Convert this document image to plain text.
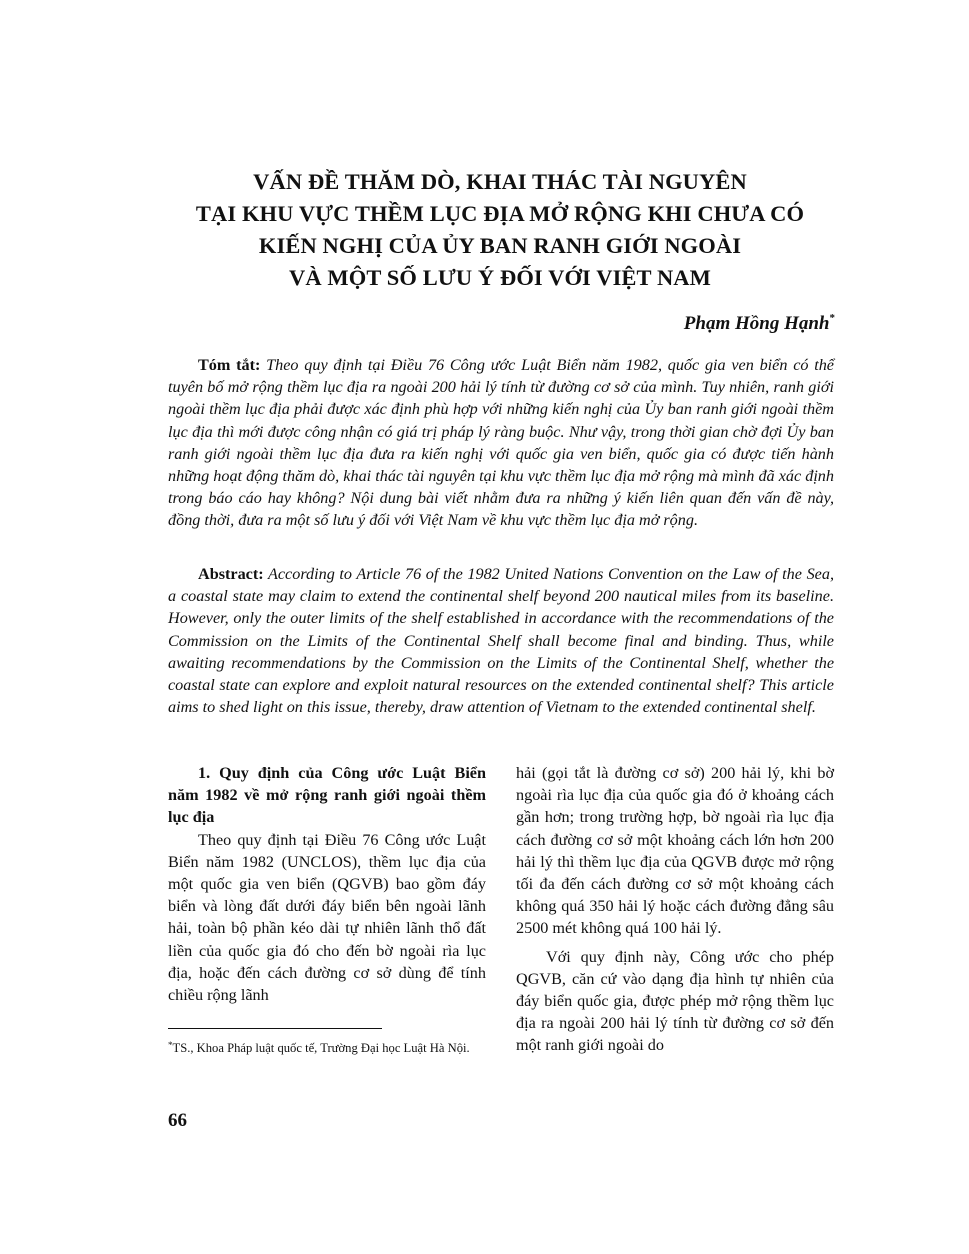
VẤN ĐỀ THĂM DÒ, KHAI THÁC TÀI NGUYÊN
TẠI KHU VỰC THỀM LỤC ĐỊA MỞ RỘNG KHI CHƯA CÓ
KIẾN NGHỊ CỦA ỦY BAN RANH GIỚI NGOÀI
VÀ MỘT SỐ LƯU Ý ĐỐI VỚI VIỆT NAM
Phạm Hồng Hạnh*
Tóm tắt: Theo quy định tại Điều 76 Công ước Luật Biển năm 1982, quốc gia ven biển có thể tuyên bố mở rộng thềm lục địa ra ngoài 200 hải lý tính từ đường cơ sở của mình. Tuy nhiên, ranh giới ngoài thềm lục địa phải được xác định phù hợp với những kiến nghị của Ủy ban ranh giới ngoài thềm lục địa thì mới được công nhận có giá trị pháp lý ràng buộc. Như vậy, trong thời gian chờ đợi Ủy ban ranh giới ngoài thềm lục địa đưa ra kiến nghị với quốc gia ven biển, quốc gia có được tiến hành những hoạt động thăm dò, khai thác tài nguyên tại khu vực thềm lục địa mở rộng mà mình đã xác định trong báo cáo hay không? Nội dung bài viết nhằm đưa ra những ý kiến liên quan đến vấn đề này, đồng thời, đưa ra một số lưu ý đối với Việt Nam về khu vực thềm lục địa mở rộng.
Abstract: According to Article 76 of the 1982 United Nations Convention on the Law of the Sea, a coastal state may claim to extend the continental shelf beyond 200 nautical miles from its baseline. However, only the outer limits of the shelf established in accordance with the recommendations of the Commission on the Limits of the Continental Shelf shall become final and binding. Thus, while awaiting recommendations by the Commission on the Limits of the Continental Shelf, whether the coastal state can explore and exploit natural resources on the extended continental shelf? This article aims to shed light on this issue, thereby, draw attention of Vietnam to the extended continental shelf.

1. Quy định của Công ước Luật Biển năm 1982 về mở rộng ranh giới ngoài thềm lục địa

Theo quy định tại Điều 76 Công ước Luật Biển năm 1982 (UNCLOS), thềm lục địa của một quốc gia ven biển (QGVB) bao gồm đáy biển và lòng đất dưới đáy biển bên ngoài lãnh hải, toàn bộ phần kéo dài tự nhiên lãnh thổ đất liền của quốc gia đó cho đến bờ ngoài rìa lục địa, hoặc đến cách đường cơ sở dùng để tính chiều rộng lãnh

hải (gọi tắt là đường cơ sở) 200 hải lý, khi bờ ngoài rìa lục địa của quốc gia đó ở khoảng cách gần hơn; trong trường hợp, bờ ngoài rìa lục địa cách đường cơ sở một khoảng cách lớn hơn 200 hải lý thì thềm lục địa của QGVB được mở rộng tối đa đến cách đường cơ sở một khoảng cách không quá 350 hải lý hoặc cách đường đẳng sâu 2500 mét không quá 100 hải lý.

Với quy định này, Công ước cho phép QGVB, căn cứ vào dạng địa hình tự nhiên của đáy biển quốc gia, được phép mở rộng thềm lục địa ra ngoài 200 hải lý tính từ đường cơ sở đến một ranh giới ngoài do

*TS., Khoa Pháp luật quốc tế, Trường Đại học Luật Hà Nội.
66
